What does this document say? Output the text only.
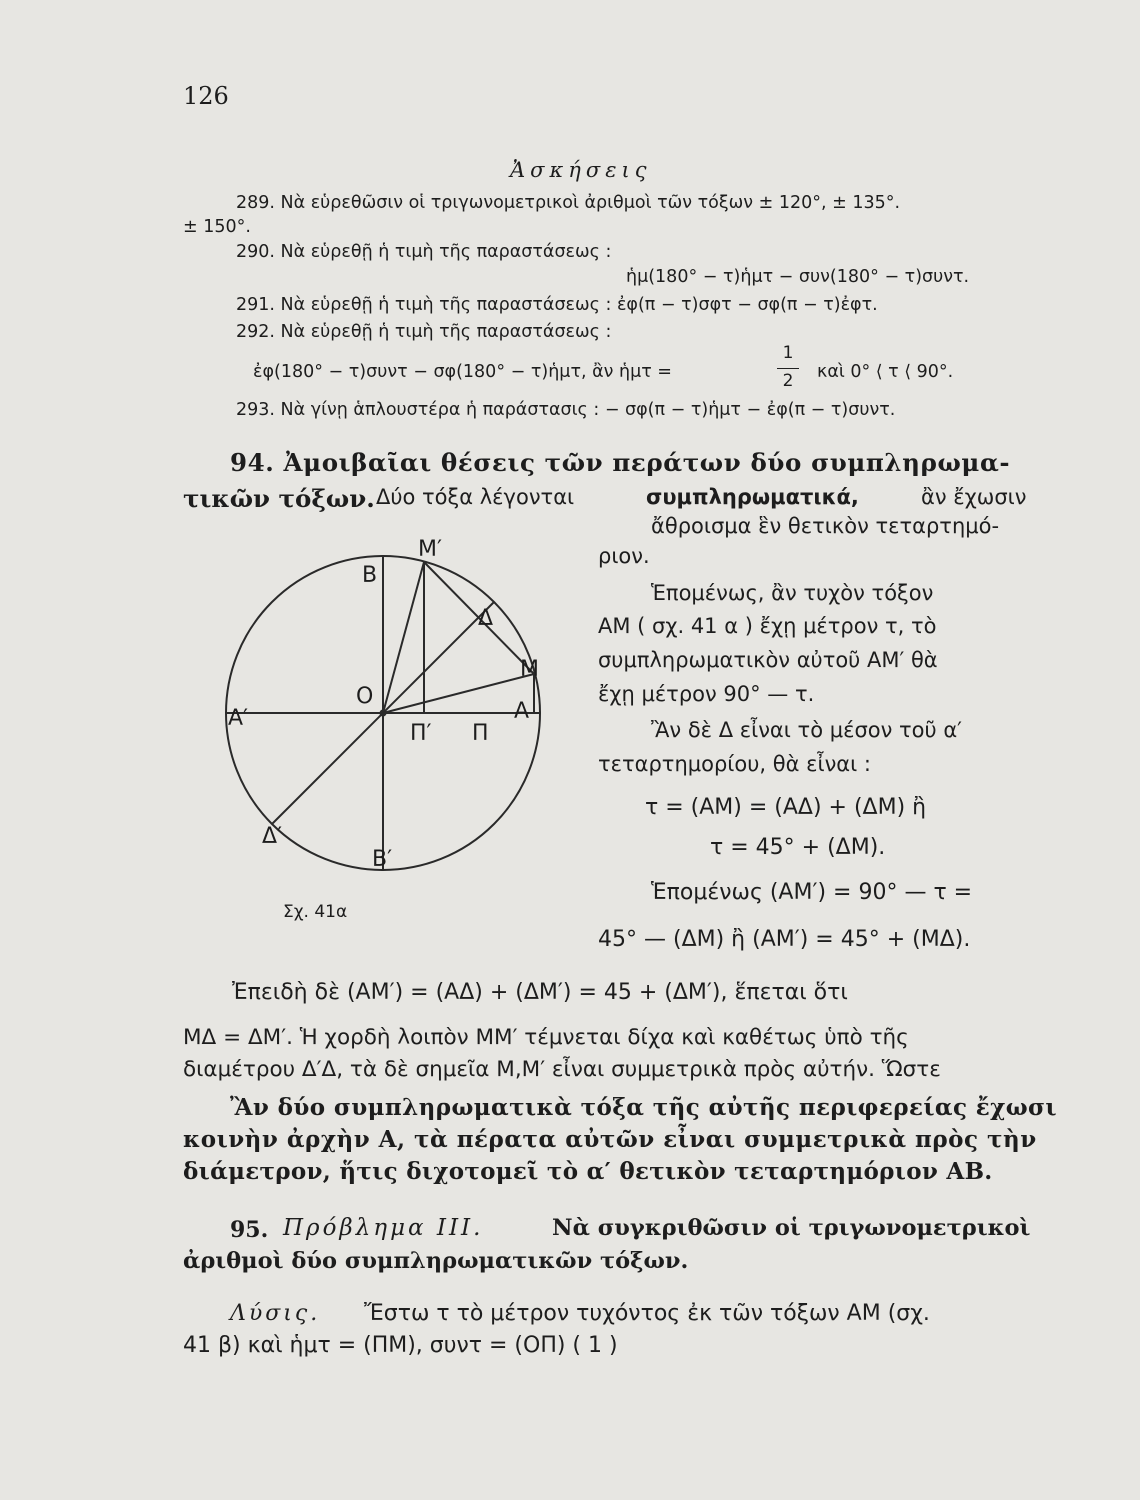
126
Ἀσκήσεις
289. Νὰ εὑρεθῶσιν οἱ τριγωνομετρικοὶ ἀριθμοὶ τῶν τόξων ± 120°, ± 135°.
± 150°.
290. Νὰ εὑρεθῇ ἡ τιμὴ τῆς παραστάσεως :
ἡμ(180° − τ)ἡμτ − συν(180° − τ)συντ.
291. Νὰ εὑρεθῇ ἡ τιμὴ τῆς παραστάσεως : ἐφ(π − τ)σφτ − σφ(π − τ)ἐφτ.
292. Νὰ εὑρεθῇ ἡ τιμὴ τῆς παραστάσεως :
ἐφ(180° − τ)συντ − σφ(180° − τ)ἡμτ, ἂν ἡμτ =
1
2	καὶ 0° ⟨ τ ⟨ 90°.
293. Νὰ γίνῃ ἁπλουστέρα ἡ παράστασις : − σφ(π − τ)ἡμτ − ἐφ(π − τ)συντ.
94. Ἀμοιβαῖαι θέσεις τῶν περάτων δύο συμπληρωμα-
τικῶν τόξων. Δύο τόξα λέγονται	συμπληρωματικά,	ἂν ἔχωσιν
ἄθροισμα ἓν θετικὸν τεταρτημό-
ριον.
Ἑπομένως, ἂν τυχὸν τόξον
ΑΜ ( σχ. 41 α ) ἔχῃ μέτρον τ, τὸ
συμπληρωματικὸν αὐτοῦ ΑΜ′ θὰ
ἔχῃ μέτρον 90° — τ.
Ἂν δὲ Δ εἶναι τὸ μέσον τοῦ α′
τεταρτημορίου, θὰ εἶναι :
τ = (ΑΜ) = (ΑΔ) + (ΔΜ) ἢ
τ = 45° + (ΔΜ).
Ἑπομένως (ΑΜ′) = 90° — τ =
45° — (ΔΜ) ἢ (ΑΜ′) = 45° + (ΜΔ).
Ἐπειδὴ δὲ (ΑΜ′) = (ΑΔ) + (ΔΜ′) = 45 + (ΔΜ′), ἕπεται ὅτι
ΜΔ = ΔΜ′. Ἡ χορδὴ λοιπὸν ΜΜ′ τέμνεται δίχα καὶ καθέτως ὑπὸ τῆς
διαμέτρου Δ′Δ, τὰ δὲ σημεῖα Μ,Μ′ εἶναι συμμετρικὰ πρὸς αὐτήν. Ὥστε
Ἂν δύο συμπληρωματικὰ τόξα τῆς αὐτῆς περιφερείας ἔχωσι
κοινὴν ἀρχὴν Α, τὰ πέρατα αὐτῶν εἶναι συμμετρικὰ πρὸς τὴν
διάμετρον, ἥτις διχοτομεῖ τὸ α′ θετικὸν τεταρτημόριον ΑΒ.
95. Πρόβλημα III.	Νὰ συγκριθῶσιν οἱ τριγωνομετρικοὶ
ἀριθμοὶ δύο συμπληρωματικῶν τόξων.
Λύσις. Ἔστω τ τὸ μέτρον τυχόντος ἐκ τῶν τόξων ΑΜ (σχ.
41 β) καὶ ἡμτ = (ΠΜ), συντ = (ΟΠ) ( 1 )
Β
Μ′
Δ
Μ
Α
Ο
Α′
Π′ Π
Δ′
Β′
Σχ. 41α
